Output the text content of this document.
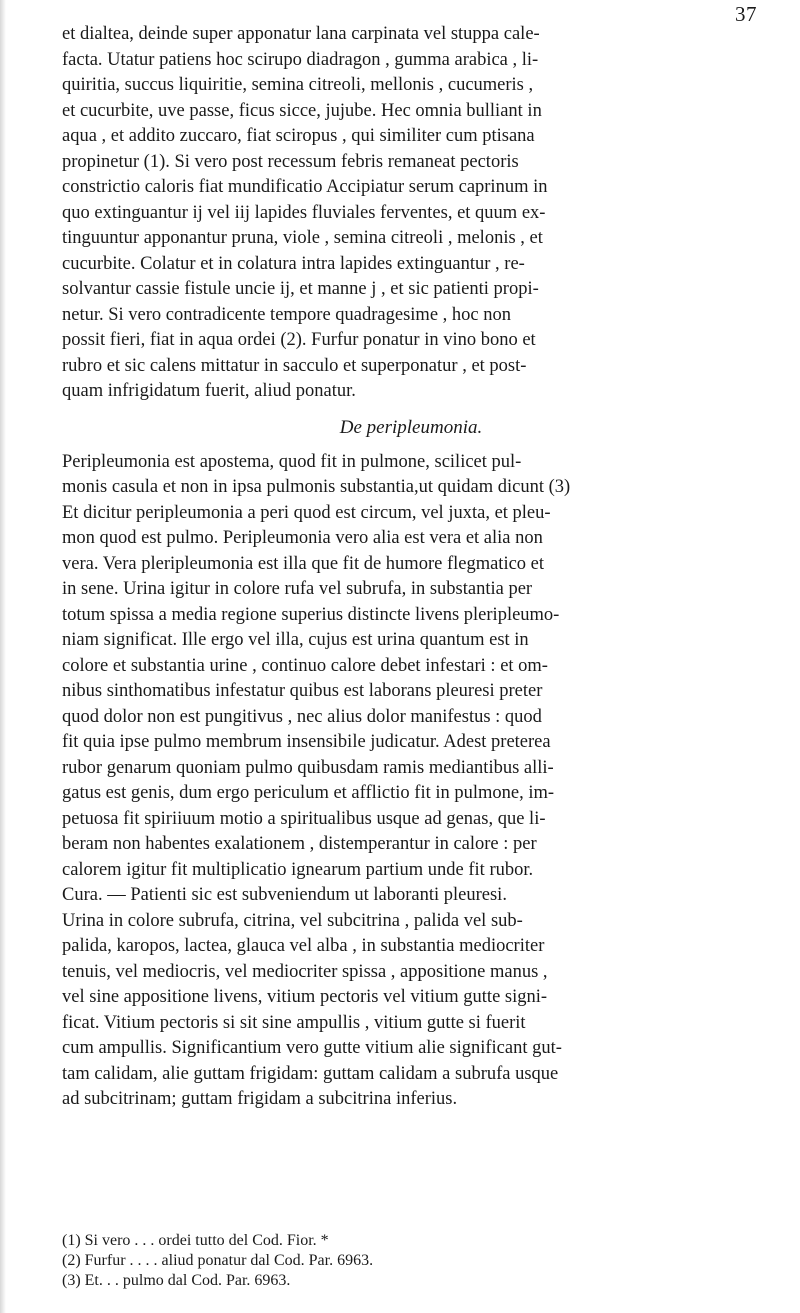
37
et dialtea, deinde super apponatur lana carpinata vel stuppa cale-
facta. Utatur patiens hoc scirupo diadragon , gumma arabica , li-
quiritia, succus liquiritie, semina citreoli, mellonis , cucumeris ,
et cucurbite, uve passe, ficus sicce, jujube. Hec omnia bulliant in
aqua , et addito zuccaro, fiat sciropus , qui similiter cum ptisana
propinetur (1). Si vero post recessum febris remaneat pectoris
constrictio caloris fiat mundificatio Accipiatur serum caprinum in
quo extinguantur ij vel iij lapides fluviales ferventes, et quum ex-
tinguuntur apponantur pruna, viole , semina citreoli , melonis , et
cucurbite. Colatur et in colatura intra lapides extinguantur , re-
solvantur cassie fistule uncie ij, et manne j , et sic patienti propi-
netur. Si vero contradicente tempore quadragesime , hoc non
possit fieri, fiat in aqua ordei (2). Furfur ponatur in vino bono et
rubro et sic calens mittatur in sacculo et superponatur , et post-
quam infrigidatum fuerit, aliud ponatur.
De peripleumonia.
Peripleumonia est apostema, quod fit in pulmone, scilicet pul-
monis casula et non in ipsa pulmonis substantia,ut quidam dicunt (3)
Et dicitur peripleumonia a peri quod est circum, vel juxta, et pleu-
mon quod est pulmo. Peripleumonia vero alia est vera et alia non
vera. Vera pleripleumonia est illa que fit de humore flegmatico et
in sene. Urina igitur in colore rufa vel subrufa, in substantia per
totum spissa a media regione superius distincte livens pleripleumo-
niam significat. Ille ergo vel illa, cujus est urina quantum est in
colore et substantia urine , continuo calore debet infestari : et om-
nibus sinthomatibus infestatur quibus est laborans pleuresi preter
quod dolor non est pungitivus , nec alius dolor manifestus : quod
fit quia ipse pulmo membrum insensibile judicatur. Adest preterea
rubor genarum quoniam pulmo quibusdam ramis mediantibus alli-
gatus est genis, dum ergo periculum et afflictio fit in pulmone, im-
petuosa fit spiriiuum motio a spiritualibus usque ad genas, que li-
beram non habentes exalationem , distemperantur in calore : per
calorem igitur fit multiplicatio ignearum partium unde fit rubor.
Cura. — Patienti sic est subveniendum ut laboranti pleuresi.
Urina in colore subrufa, citrina, vel subcitrina , palida vel sub-
palida, karopos, lactea, glauca vel alba , in substantia mediocriter
tenuis, vel mediocris, vel mediocriter spissa , appositione manus ,
vel sine appositione livens, vitium pectoris vel vitium gutte signi-
ficat. Vitium pectoris si sit sine ampullis , vitium gutte si fuerit
cum ampullis. Significantium vero gutte vitium alie significant gut-
tam calidam, alie guttam frigidam: guttam calidam a subrufa usque
ad subcitrinam; guttam frigidam a subcitrina inferius.
(1) Si vero . . . ordei tutto del Cod. Fior. *
(2) Furfur . . . . aliud ponatur dal Cod. Par. 6963.
(3) Et. . . pulmo dal Cod. Par. 6963.
